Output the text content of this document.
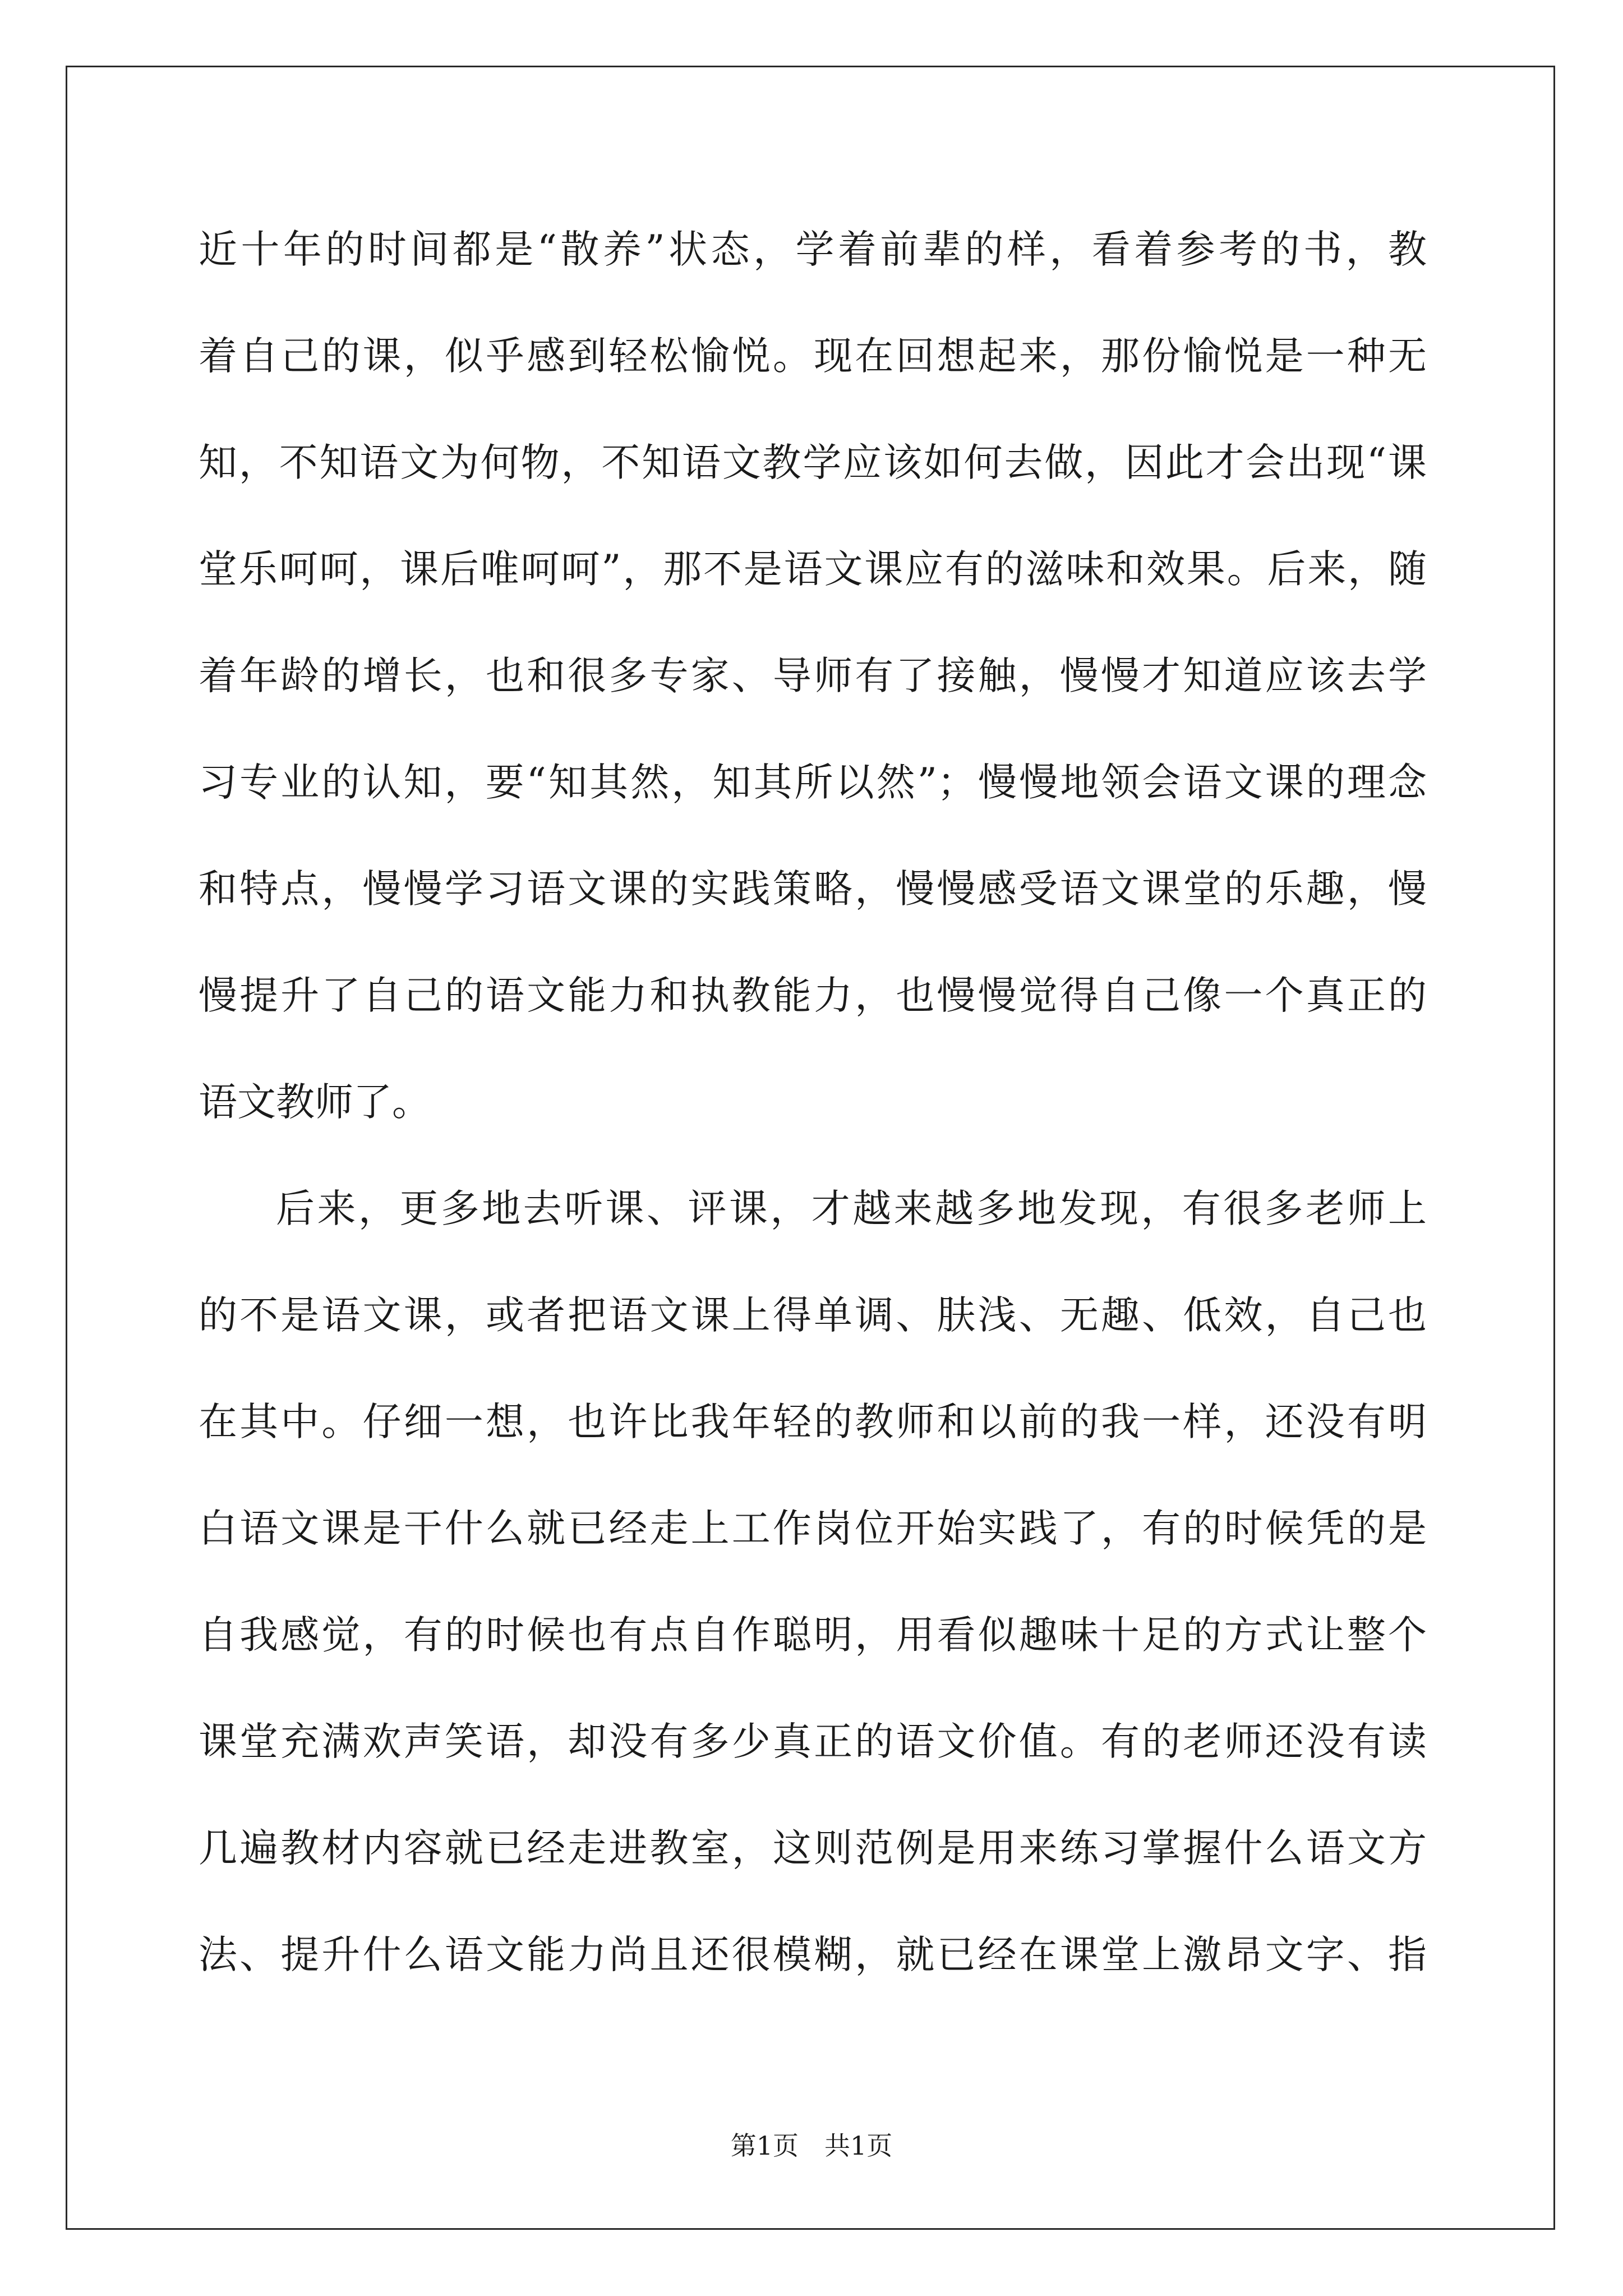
近十年的时间都是“散养”状态，学着前辈的样，看着参考的书，教
着自己的课，似乎感到轻松愉悦。现在回想起来，那份愉悦是一种无
知，不知语文为何物，不知语文教学应该如何去做，因此才会出现“课
堂乐呵呵，课后唯呵呵”，那不是语文课应有的滋味和效果。后来，随
着年龄的增长，也和很多专家、导师有了接触，慢慢才知道应该去学
习专业的认知，要“知其然，知其所以然”；慢慢地领会语文课的理念
和特点，慢慢学习语文课的实践策略，慢慢感受语文课堂的乐趣，慢
慢提升了自己的语文能力和执教能力，也慢慢觉得自己像一个真正的
语文教师了。
后来，更多地去听课、评课，才越来越多地发现，有很多老师上
的不是语文课，或者把语文课上得单调、肤浅、无趣、低效，自己也
在其中。仔细一想，也许比我年轻的教师和以前的我一样，还没有明
白语文课是干什么就已经走上工作岗位开始实践了，有的时候凭的是
自我感觉，有的时候也有点自作聪明，用看似趣味十足的方式让整个
课堂充满欢声笑语，却没有多少真正的语文价值。有的老师还没有读
几遍教材内容就已经走进教室，这则范例是用来练习掌握什么语文方
法、提升什么语文能力尚且还很模糊，就已经在课堂上激昂文字、指
第1页　共1页
